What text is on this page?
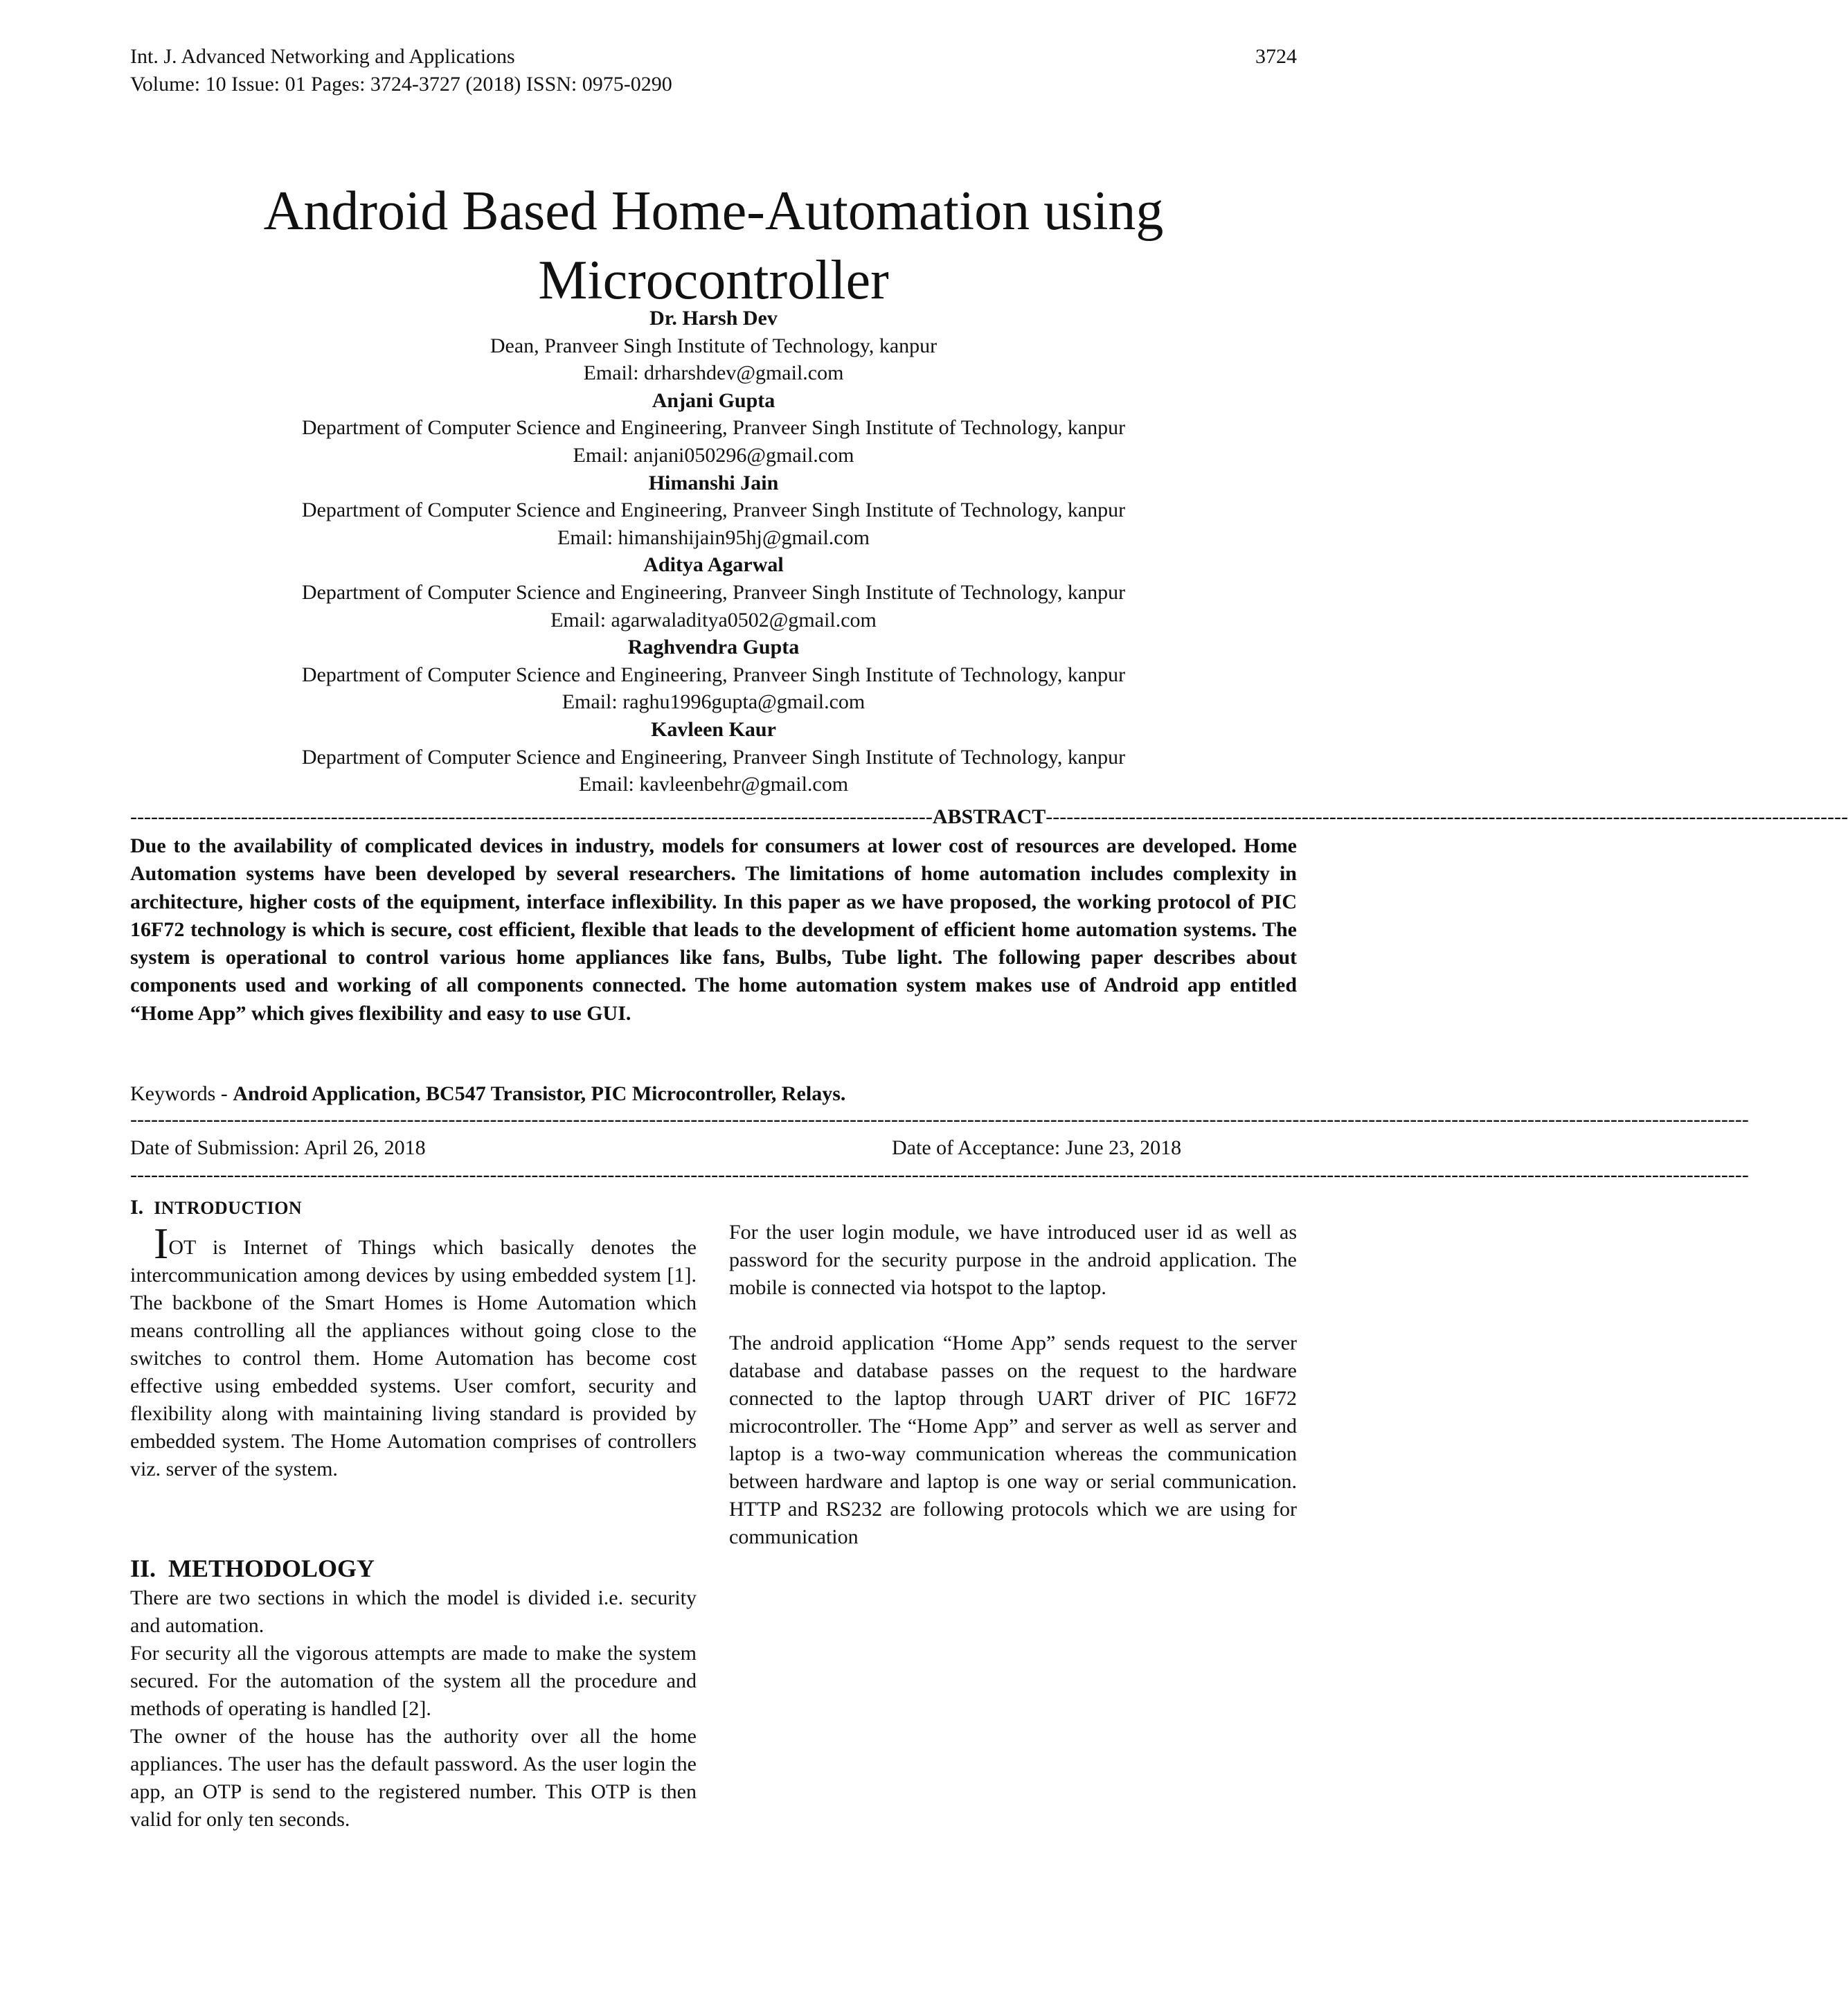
Int. J. Advanced Networking and Applications
Volume: 10 Issue: 01 Pages: 3724-3727 (2018) ISSN: 0975-0290
3724
Android Based Home-Automation using
Microcontroller
Dr. Harsh Dev
Dean, Pranveer Singh Institute of Technology, kanpur
Email: drharshdev@gmail.com
Anjani Gupta
Department of Computer Science and Engineering, Pranveer Singh Institute of Technology, kanpur
Email: anjani050296@gmail.com
Himanshi Jain
Department of Computer Science and Engineering, Pranveer Singh Institute of Technology, kanpur
Email: himanshijain95hj@gmail.com
Aditya Agarwal
Department of Computer Science and Engineering, Pranveer Singh Institute of Technology, kanpur
Email: agarwaladitya0502@gmail.com
Raghvendra Gupta
Department of Computer Science and Engineering, Pranveer Singh Institute of Technology, kanpur
Email: raghu1996gupta@gmail.com
Kavleen Kaur
Department of Computer Science and Engineering, Pranveer Singh Institute of Technology, kanpur
Email: kavleenbehr@gmail.com
-------------------------------------------------------------------------------------------------------------------- ABSTRACT --------------------------------------------------------------------------------------------------------------------
Due to the availability of complicated devices in industry, models for consumers at lower cost of resources are developed. Home Automation systems have been developed by several researchers. The limitations of home automation includes complexity in architecture, higher costs of the equipment, interface inflexibility. In this paper as we have proposed, the working protocol of PIC 16F72 technology is which is secure, cost efficient, flexible that leads to the development of efficient home automation systems. The system is operational to control various home appliances like fans, Bulbs, Tube light. The following paper describes about components used and working of all components connected. The home automation system makes use of Android app entitled “Home App” which gives flexibility and easy to use GUI.
Keywords - Android Application, BC547 Transistor, PIC Microcontroller, Relays.
------------------------------------------------------------------------------------------------------------------------------------------------------------------------------------------------------------------------------------------
Date of Submission: April 26, 2018	Date of Acceptance: June 23, 2018
------------------------------------------------------------------------------------------------------------------------------------------------------------------------------------------------------------------------------------------
I. INTRODUCTION

IOT is Internet of Things which basically denotes the intercommunication among devices by using embedded system [1]. The backbone of the Smart Homes is Home Automation which means controlling all the appliances without going close to the switches to control them. Home Automation has become cost effective using embedded systems. User comfort, security and flexibility along with maintaining living standard is provided by embedded system. The Home Automation comprises of controllers viz. server of the system.

II. METHODOLOGY

There are two sections in which the model is divided i.e. security and automation.

For security all the vigorous attempts are made to make the system secured. For the automation of the system all the procedure and methods of operating is handled [2].

The owner of the house has the authority over all the home appliances. The user has the default password. As the user login the app, an OTP is send to the registered number. This OTP is then valid for only ten seconds.

For the user login module, we have introduced user id as well as password for the security purpose in the android application. The mobile is connected via hotspot to the laptop.

The android application “Home App” sends request to the server database and database passes on the request to the hardware connected to the laptop through UART driver of PIC 16F72 microcontroller. The “Home App” and server as well as server and laptop is a two-way communication whereas the communication between hardware and laptop is one way or serial communication. HTTP and RS232 are following protocols which we are using for communication
